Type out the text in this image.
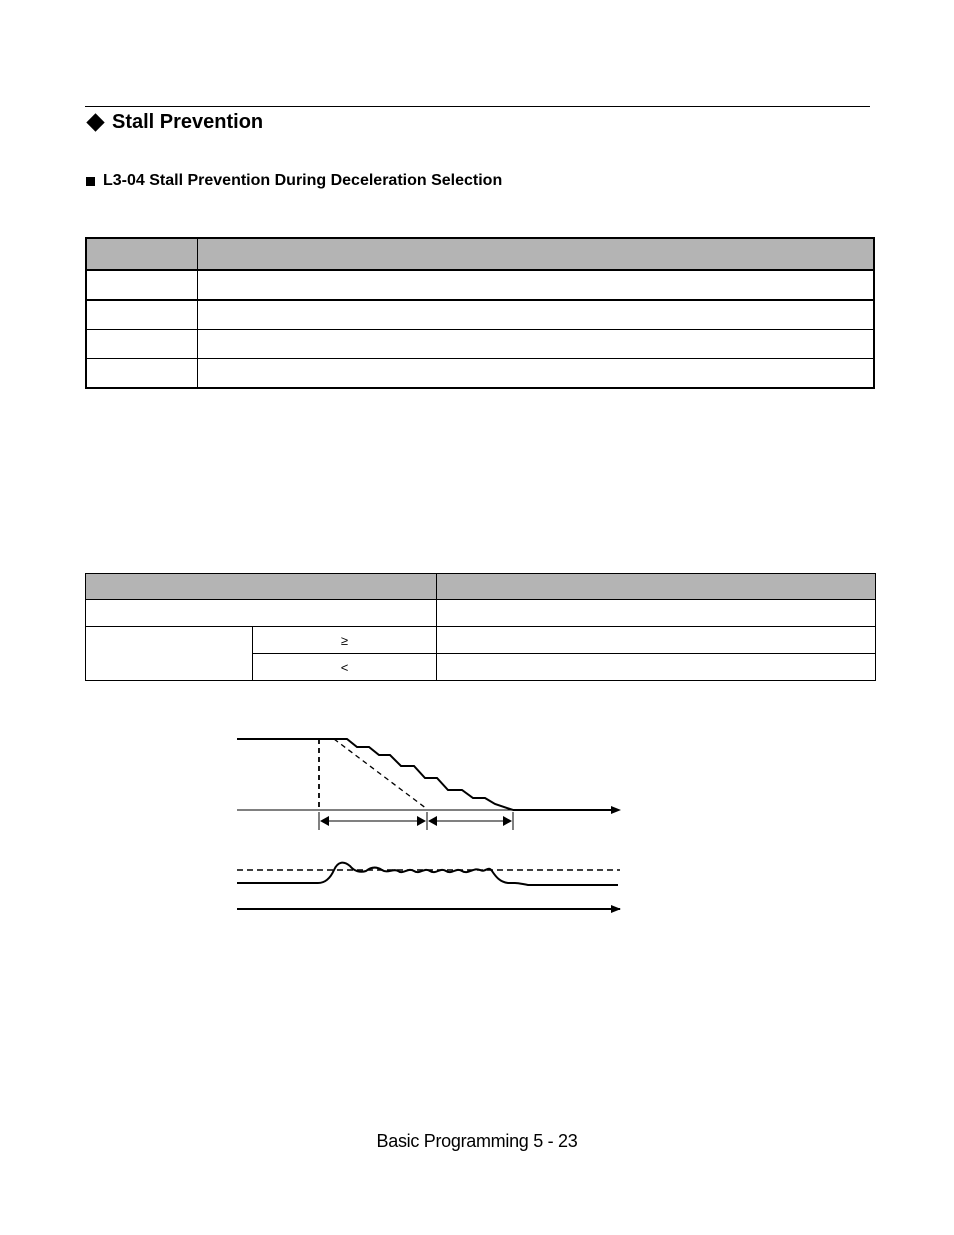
Stall Prevention
L3-04 Stall Prevention During Deceleration Selection

	≥	
	<	
Basic Programming 5 - 23
